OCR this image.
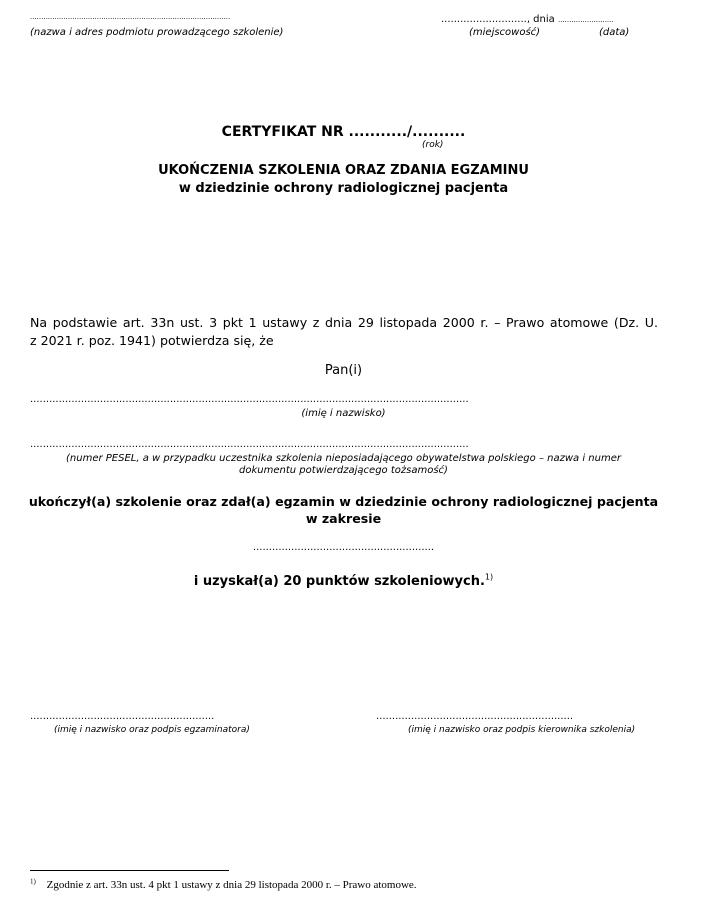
..........................................................................................
(nazwa i adres podmiotu prowadzącego szkolenie)
..........................., dnia .........................
(miejscowość)	(data)
CERTYFIKAT NR .........../..........
(rok)
UKOŃCZENIA SZKOLENIA ORAZ ZDANIA EGZAMINU
w dziedzinie ochrony radiologicznej pacjenta
Na podstawie art. 33n ust. 3 pkt 1 ustawy z dnia 29 listopada 2000 r. – Prawo atomowe (Dz. U.
z 2021 r. poz. 1941) potwierdza się, że
Pan(i)
..........................................................................................................................................
(imię i nazwisko)
..........................................................................................................................................
(numer PESEL, a w przypadku uczestnika szkolenia nieposiadającego obywatelstwa polskiego – nazwa i numer
dokumentu potwierdzającego tożsamość)
ukończył(a) szkolenie oraz zdał(a) egzamin w dziedzinie ochrony radiologicznej pacjenta
w zakresie
.........................................................
i uzyskał(a) 20 punktów szkoleniowych.$^{1)}$
..........................................................
(imię i nazwisko oraz podpis egzaminatora)
..............................................................
(imię i nazwisko oraz podpis kierownika szkolenia)
$^{1)}$ Zgodnie z art. 33n ust. 4 pkt 1 ustawy z dnia 29 listopada 2000 r. – Prawo atomowe.
